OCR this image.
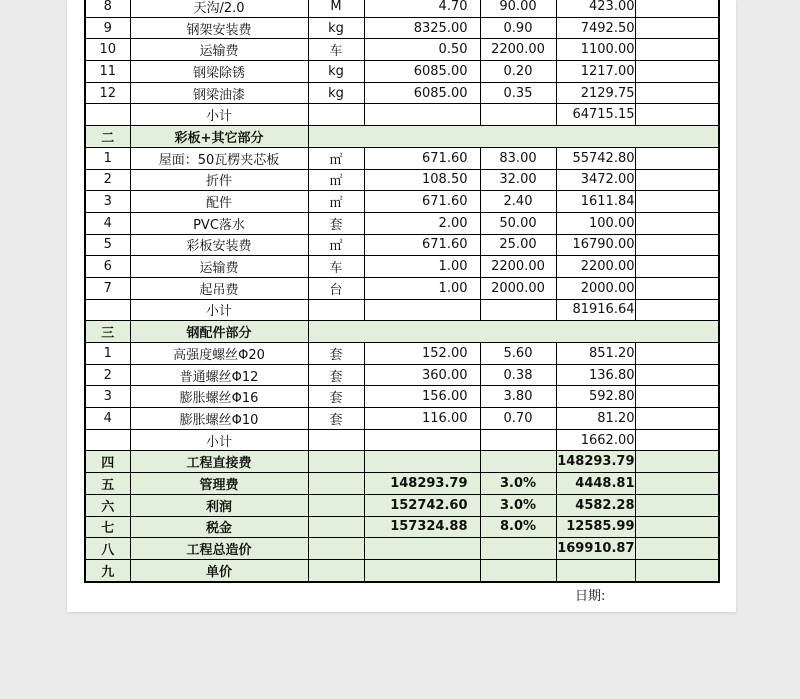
8	天沟/2.0	M	4.70	90.00	423.00	
9	钢架安装费	kg	8325.00	0.90	7492.50	
10	运输费	车	0.50	2200.00	1100.00	
11	钢梁除锈	kg	6085.00	0.20	1217.00	
12	钢梁油漆	kg	6085.00	0.35	2129.75	
	小计				64715.15	
二	彩板+其它部分					
1	屋面：50瓦楞夹芯板	㎡	671.60	83.00	55742.80	
2	折件	㎡	108.50	32.00	3472.00	
3	配件	㎡	671.60	2.40	1611.84	
4	PVC落水	套	2.00	50.00	100.00	
5	彩板安装费	㎡	671.60	25.00	16790.00	
6	运输费	车	1.00	2200.00	2200.00	
7	起吊费	台	1.00	2000.00	2000.00	
	小计				81916.64	
三	钢配件部分					
1	高强度螺丝Φ20	套	152.00	5.60	851.20	
2	普通螺丝Φ12	套	360.00	0.38	136.80	
3	膨胀螺丝Φ16	套	156.00	3.80	592.80	
4	膨胀螺丝Φ10	套	116.00	0.70	81.20	
	小计				1662.00	
四	工程直接费				148293.79	
五	管理费		148293.79	3.0%	4448.81	
六	利润		152742.60	3.0%	4582.28	
七	税金		157324.88	8.0%	12585.99	
八	工程总造价				169910.87	
九	单价					
日期:
